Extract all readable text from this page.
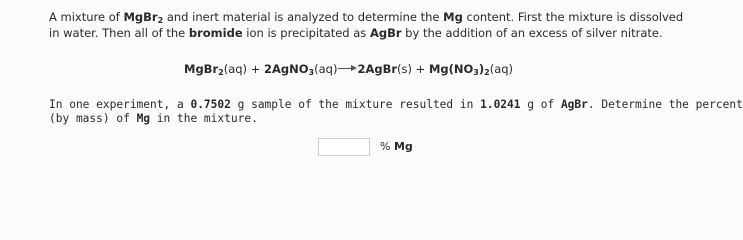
A mixture of MgBr$_2$ and inert material is analyzed to determine the Mg content. First the mixture is dissolved
in water. Then all of the bromide ion is precipitated as AgBr by the addition of an excess of silver nitrate.
MgBr$_2$(aq) + 2AgNO$_3$(aq)→2AgBr(s) + $Mg(NO_3)_2(aq)$
In one experiment, a 0.7502 g sample of the mixture resulted in 1.0241 g of AgBr. Determine the percent
(by mass) of Mg in the mixture.
% Mg
